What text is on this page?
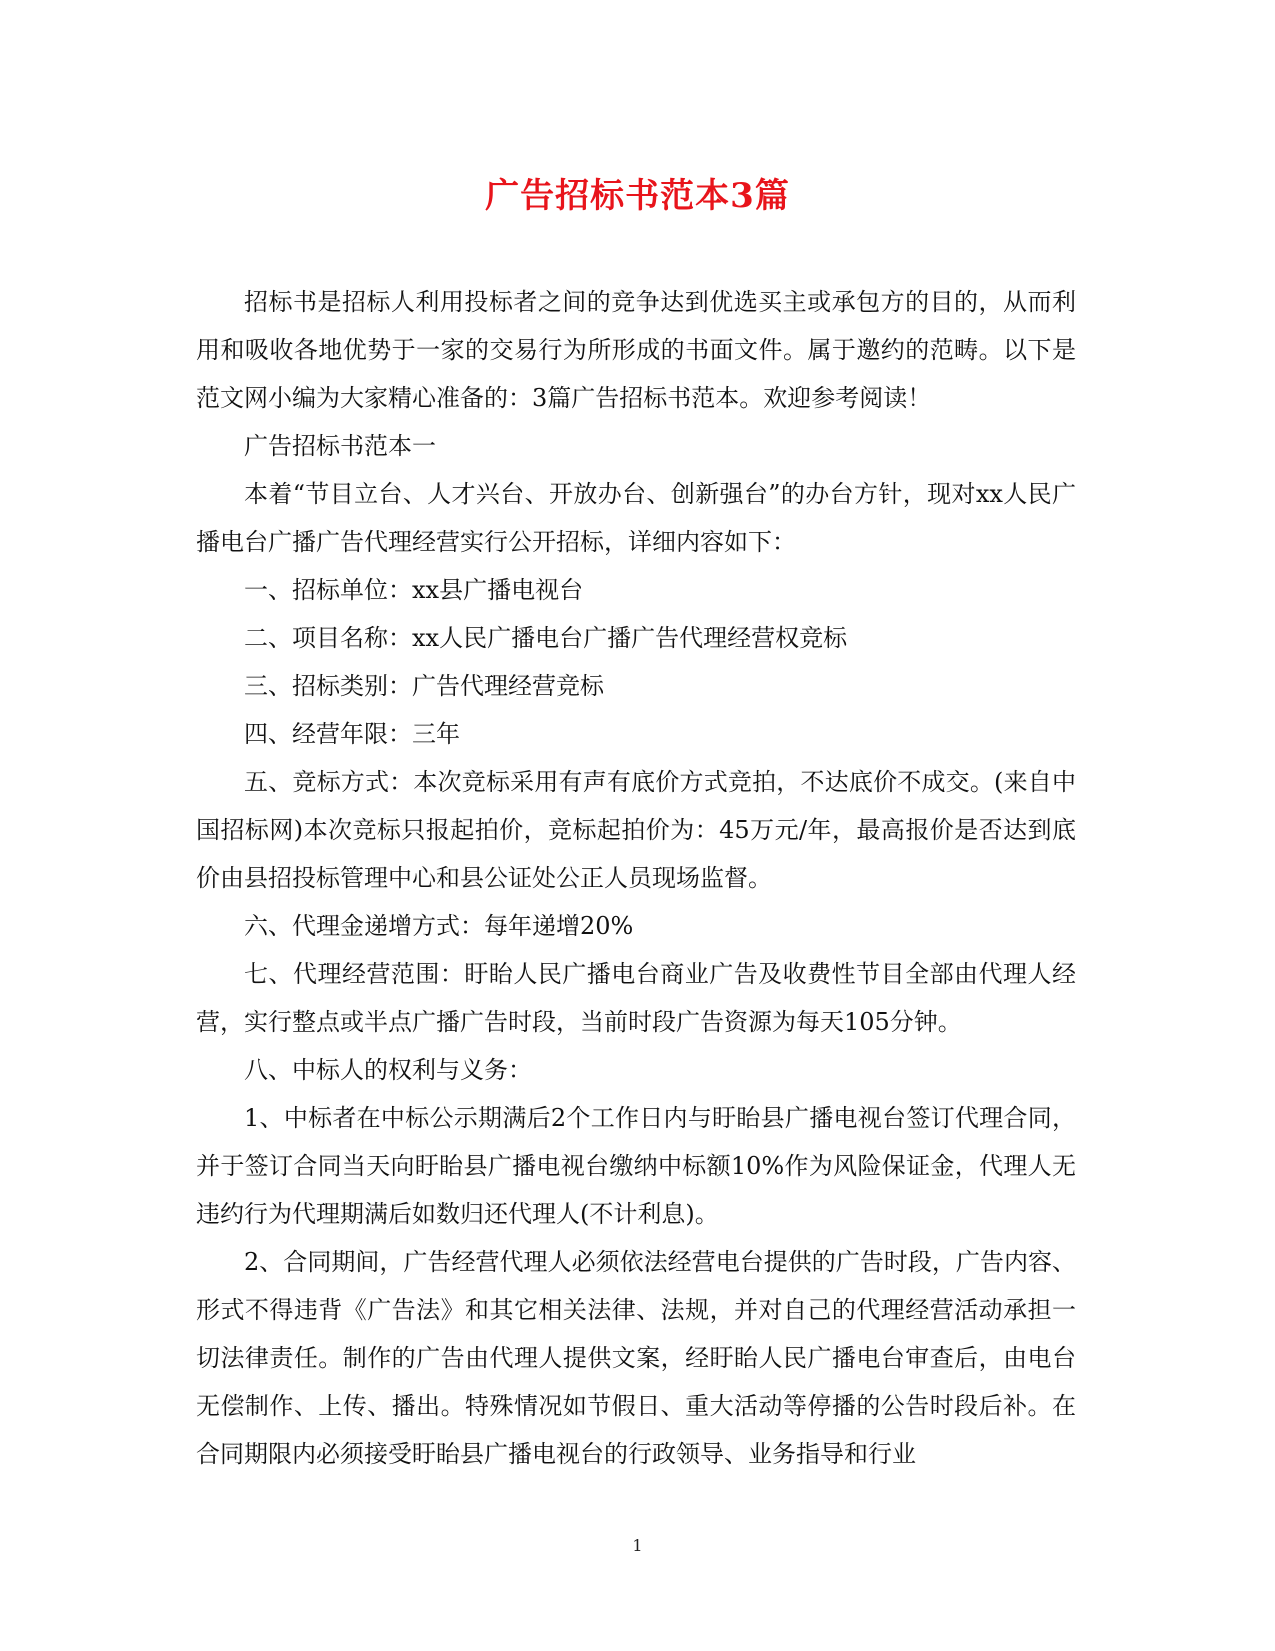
广告招标书范本3篇

招标书是招标人利用投标者之间的竞争达到优选买主或承包方的目的，从而利用和吸收各地优势于一家的交易行为所形成的书面文件。属于邀约的范畴。以下是范文网小编为大家精心准备的：3篇广告招标书范本。欢迎参考阅读！

广告招标书范本一

本着“节目立台、人才兴台、开放办台、创新强台”的办台方针，现对xx人民广播电台广播广告代理经营实行公开招标，详细内容如下：

一、招标单位：xx县广播电视台

二、项目名称：xx人民广播电台广播广告代理经营权竞标

三、招标类别：广告代理经营竞标

四、经营年限：三年

五、竞标方式：本次竞标采用有声有底价方式竞拍，不达底价不成交。(来自中国招标网)本次竞标只报起拍价，竞标起拍价为：45万元/年，最高报价是否达到底价由县招投标管理中心和县公证处公正人员现场监督。

六、代理金递增方式：每年递增20%

七、代理经营范围：盱眙人民广播电台商业广告及收费性节目全部由代理人经营，实行整点或半点广播广告时段，当前时段广告资源为每天105分钟。

八、中标人的权利与义务：

1、中标者在中标公示期满后2个工作日内与盱眙县广播电视台签订代理合同，并于签订合同当天向盱眙县广播电视台缴纳中标额10%作为风险保证金，代理人无违约行为代理期满后如数归还代理人(不计利息)。

2、合同期间，广告经营代理人必须依法经营电台提供的广告时段，广告内容、形式不得违背《广告法》和其它相关法律、法规，并对自己的代理经营活动承担一切法律责任。制作的广告由代理人提供文案，经盱眙人民广播电台审查后，由电台无偿制作、上传、播出。特殊情况如节假日、重大活动等停播的公告时段后补。在合同期限内必须接受盱眙县广播电视台的行政领导、业务指导和行业

1
